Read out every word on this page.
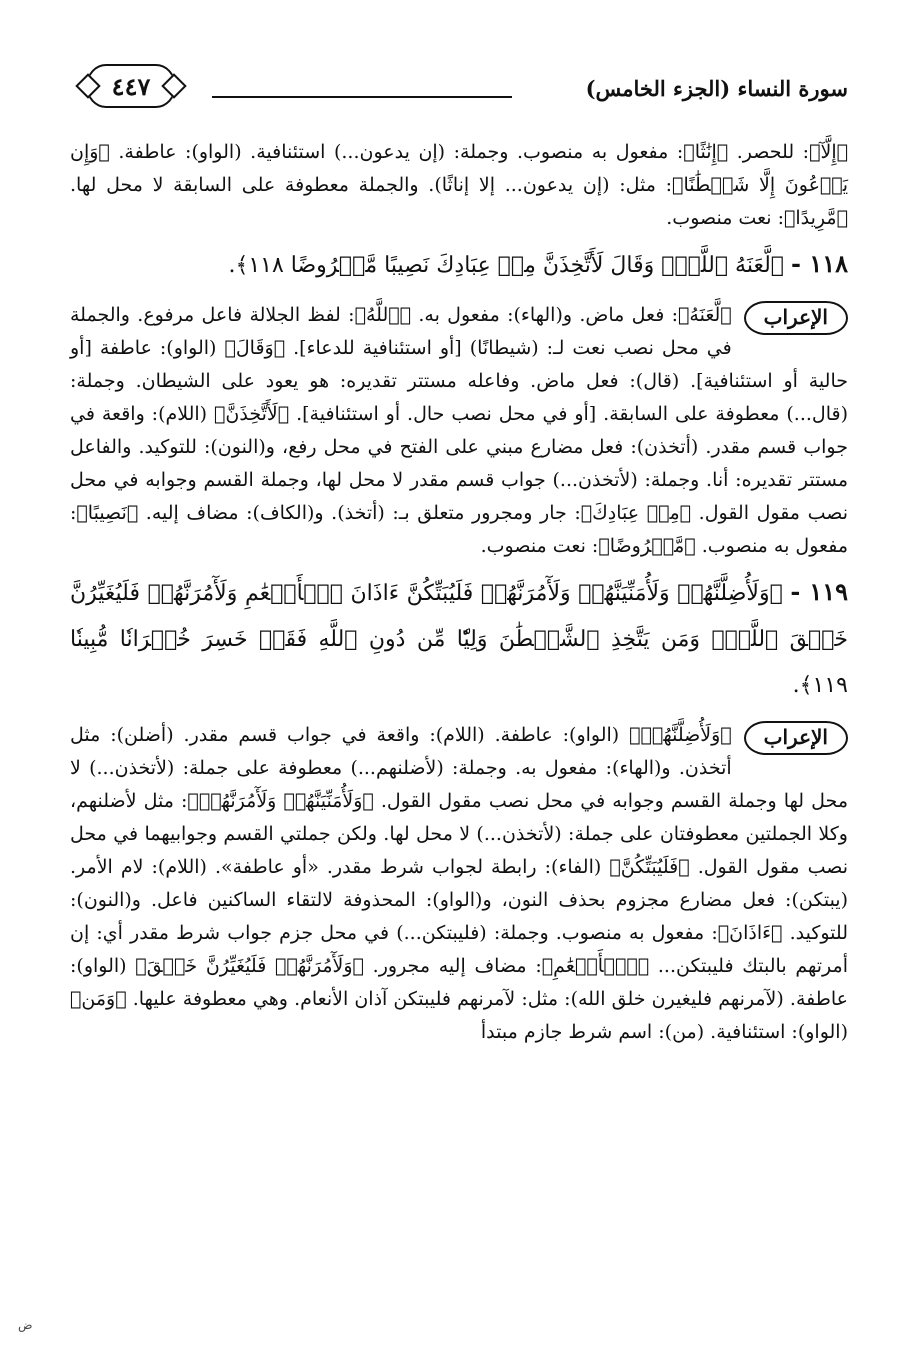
سورة النساء (الجزء الخامس)
٤٤٧

﴿إِلَّآ﴾: للحصر. ﴿إِنَٰثًا﴾: مفعول به منصوب. وجملة: (إن يدعون...) استئنافية. (الواو): عاطفة. ﴿وَإِن يَدۡعُونَ إِلَّا شَيۡطَٰنًا﴾: مثل: (إن يدعون... إلا إناثًا). والجملة معطوفة على السابقة لا محل لها. ﴿مَّرِيدًا﴾: نعت منصوب.

١١٨ - ﴿لَّعَنَهُ ٱللَّهُۘ وَقَالَ لَأَتَّخِذَنَّ مِنۡ عِبَادِكَ نَصِيبًا مَّفۡرُوضًا ١١٨﴾.
الإعراب
﴿لَّعَنَهُ﴾: فعل ماض. و(الهاء): مفعول به. ﴿ٱللَّهُ﴾: لفظ الجلالة فاعل مرفوع. والجملة في محل نصب نعت لـ: (شيطانًا) [أو استئنافية للدعاء]. ﴿وَقَالَ﴾ (الواو): عاطفة [أو حالية أو استئنافية]. (قال): فعل ماض. وفاعله مستتر تقديره: هو يعود على الشيطان. وجملة: (قال...) معطوفة على السابقة. [أو في محل نصب حال. أو استئنافية]. ﴿لَأَتَّخِذَنَّ﴾ (اللام): واقعة في جواب قسم مقدر. (أتخذن): فعل مضارع مبني على الفتح في محل رفع، و(النون): للتوكيد. والفاعل مستتر تقديره: أنا. وجملة: (لأتخذن...) جواب قسم مقدر لا محل لها، وجملة القسم وجوابه في محل نصب مقول القول. ﴿مِنۡ عِبَادِكَ﴾: جار ومجرور متعلق بـ: (أتخذ). و(الكاف): مضاف إليه. ﴿نَصِيبًا﴾: مفعول به منصوب. ﴿مَّفۡرُوضًا﴾: نعت منصوب.
١١٩ - ﴿وَلَأُضِلَّنَّهُمۡ وَلَأُمَنِّيَنَّهُمۡ وَلَأٓمُرَنَّهُمۡ فَلَيُبَتِّكُنَّ ءَاذَانَ ٱلۡأَنۡعَٰمِ وَلَأٓمُرَنَّهُمۡ فَلَيُغَيِّرُنَّ خَلۡقَ ٱللَّهِۚ وَمَن يَتَّخِذِ ٱلشَّيۡطَٰنَ وَلِيّٗا مِّن دُونِ ٱللَّهِ فَقَدۡ خَسِرَ خُسۡرَانٗا مُّبِينٗا ١١٩﴾.
الإعراب
﴿وَلَأُضِلَّنَّهُمۡ﴾ (الواو): عاطفة. (اللام): واقعة في جواب قسم مقدر. (أضلن): مثل أتخذن. و(الهاء): مفعول به. وجملة: (لأضلنهم...) معطوفة على جملة: (لأتخذن...) لا محل لها وجملة القسم وجوابه في محل نصب مقول القول. ﴿وَلَأُمَنِّيَنَّهُمۡ وَلَأٓمُرَنَّهُمۡ﴾: مثل لأضلنهم، وكلا الجملتين معطوفتان على جملة: (لأتخذن...) لا محل لها. ولكن جملتي القسم وجوابيهما في محل نصب مقول القول. ﴿فَلَيُبَتِّكُنَّ﴾ (الفاء): رابطة لجواب شرط مقدر. «أو عاطفة». (اللام): لام الأمر. (يبتكن): فعل مضارع مجزوم بحذف النون، و(الواو): المحذوفة لالتقاء الساكنين فاعل. و(النون): للتوكيد. ﴿ءَاذَانَ﴾: مفعول به منصوب. وجملة: (فليبتكن...) في محل جزم جواب شرط مقدر أي: إن أمرتهم بالبتك فليبتكن... ﴿ٱلۡأَنۡعَٰمِ﴾: مضاف إليه مجرور. ﴿وَلَأٓمُرَنَّهُمۡ فَلَيُغَيِّرُنَّ خَلۡقَ﴾ (الواو): عاطفة. (لآمرنهم فليغيرن خلق الله): مثل: لآمرنهم فليبتكن آذان الأنعام. وهي معطوفة عليها. ﴿وَمَن﴾ (الواو): استئنافية. (من): اسم شرط جازم مبتدأ
ﺽ
